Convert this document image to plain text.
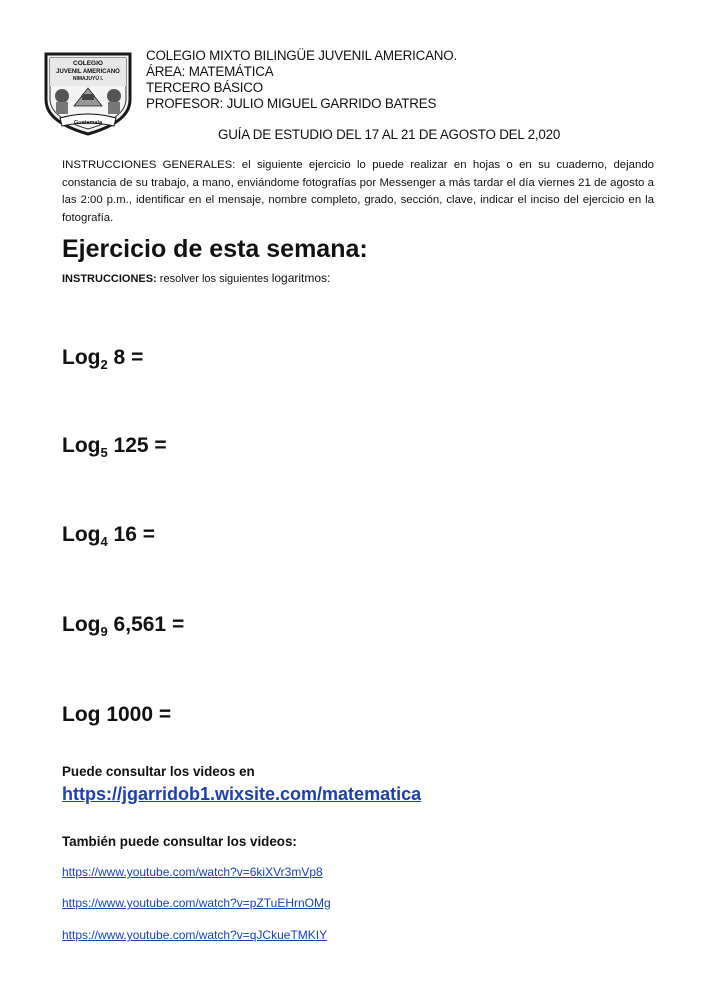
COLEGIO
JUVENIL AMERICANO
NIMAJUYÚ I.
Guatemala
COLEGIO MIXTO BILINGÜE JUVENIL AMERICANO.
ÁREA: MATEMÁTICA
TERCERO BÁSICO
PROFESOR: JULIO MIGUEL GARRIDO BATRES
GUÍA DE ESTUDIO DEL 17 AL 21 DE AGOSTO DEL 2,020
INSTRUCCIONES GENERALES: el siguiente ejercicio lo puede realizar en hojas o en su cuaderno, dejando constancia de su trabajo, a mano, enviándome fotografías por Messenger a más tardar el día viernes 21 de agosto a las 2:00 p.m., identificar en el mensaje, nombre completo, grado, sección, clave, indicar el inciso del ejercicio en la fotografía.
Ejercicio de esta semana:
INSTRUCCIONES: resolver los siguientes logaritmos:
Log$_2$ 8 =
Log$_5$ 125 =
Log$_4$ 16 =
Log$_9$ 6,561 =
Log 1000 =
Puede consultar los videos en
https://jgarridob1.wixsite.com/matematica
También puede consultar los videos:
https://www.youtube.com/watch?v=6kiXVr3mVp8
https://www.youtube.com/watch?v=pZTuEHrnOMg
https://www.youtube.com/watch?v=qJCkueTMKIY
